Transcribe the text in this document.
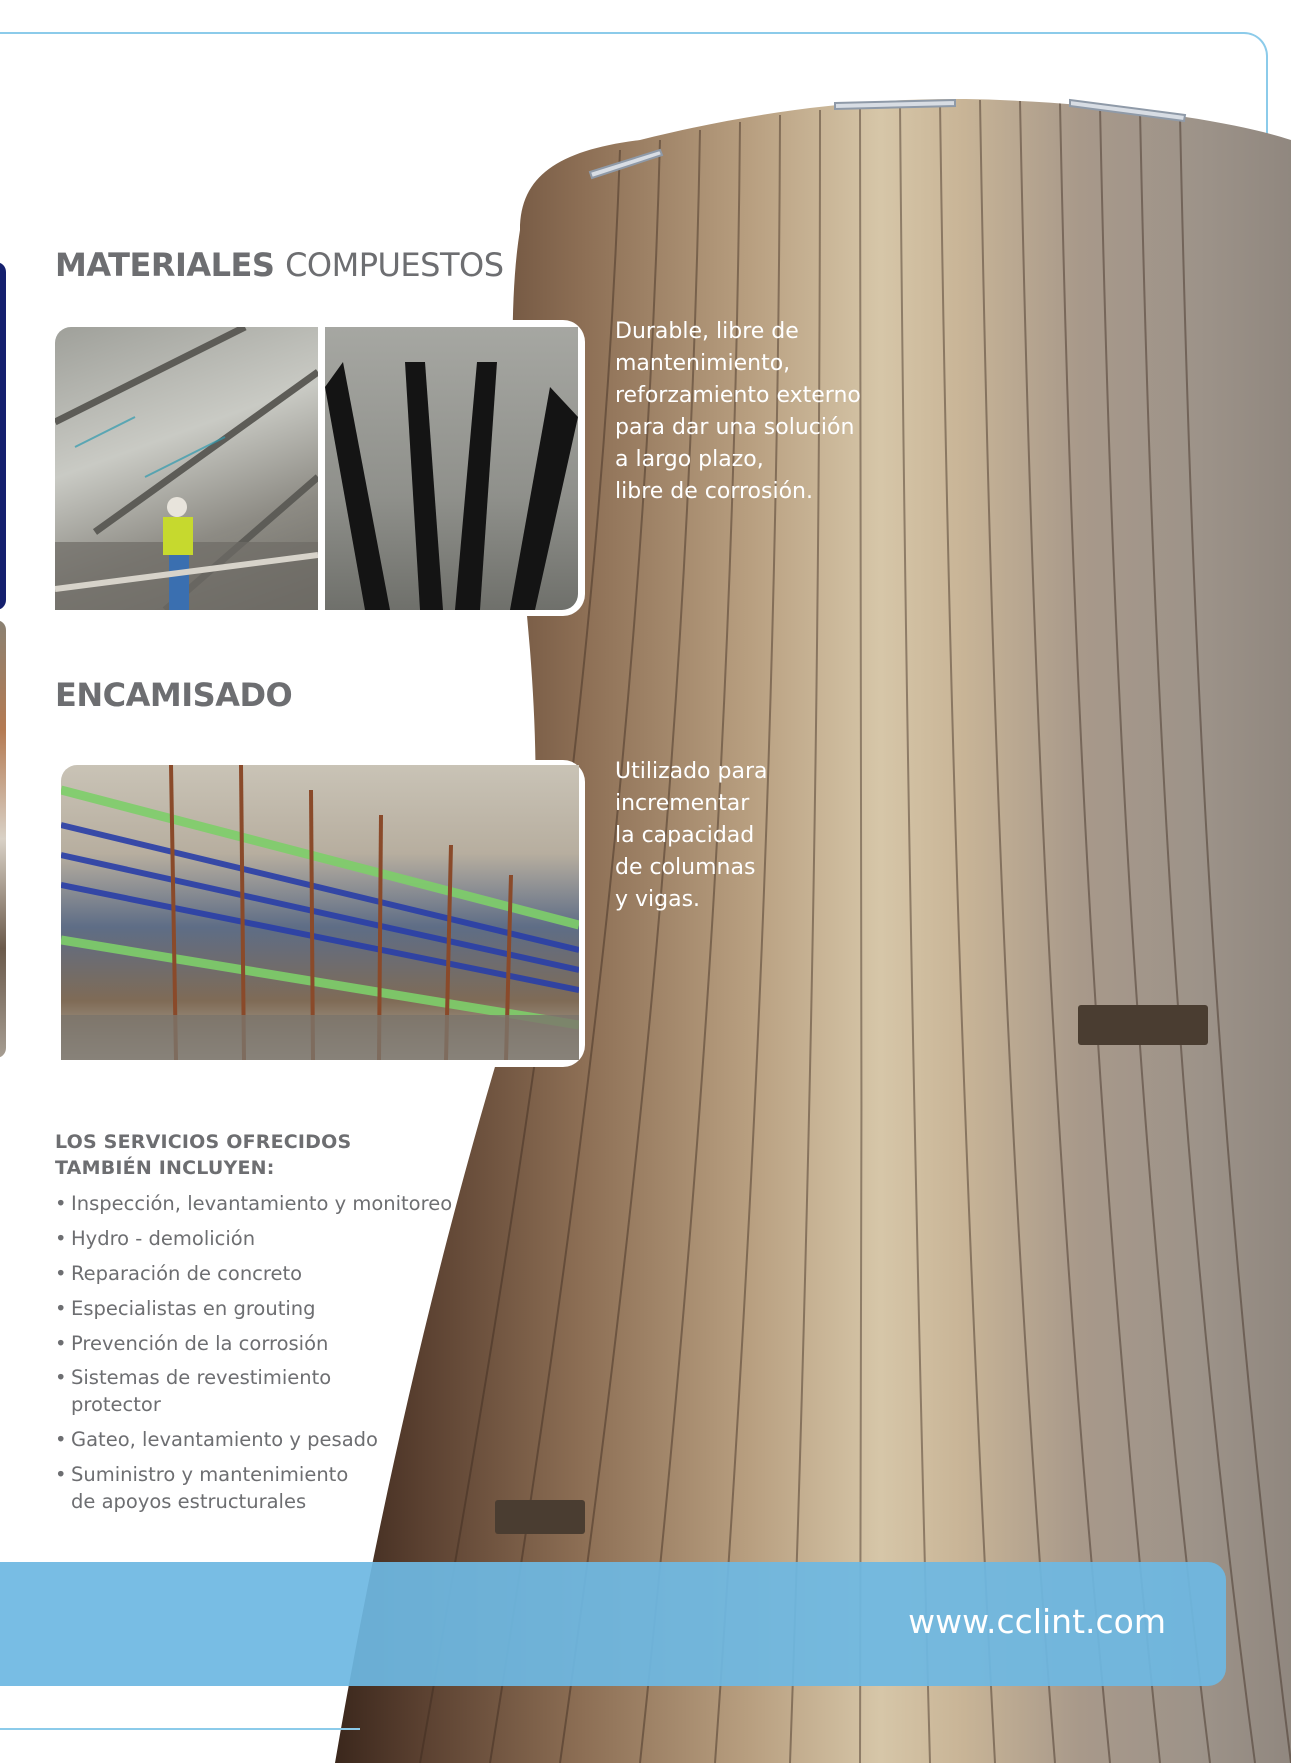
MATERIALES COMPUESTOS
Durable, libre de
mantenimiento,
reforzamiento externo
para dar una solución
a largo plazo,
libre de corrosión.
ENCAMISADO
Utilizado para
incrementar
la capacidad
de columnas
y vigas.
LOS SERVICIOS OFRECIDOS
TAMBIÉN INCLUYEN:
• Inspección, levantamiento y monitoreo
• Hydro - demolición
• Reparación de concreto
• Especialistas en grouting
• Prevención de la corrosión
• Sistemas de revestimiento protector
• Gateo, levantamiento y pesado
• Suministro y mantenimiento de apoyos estructurales
www.cclint.com
